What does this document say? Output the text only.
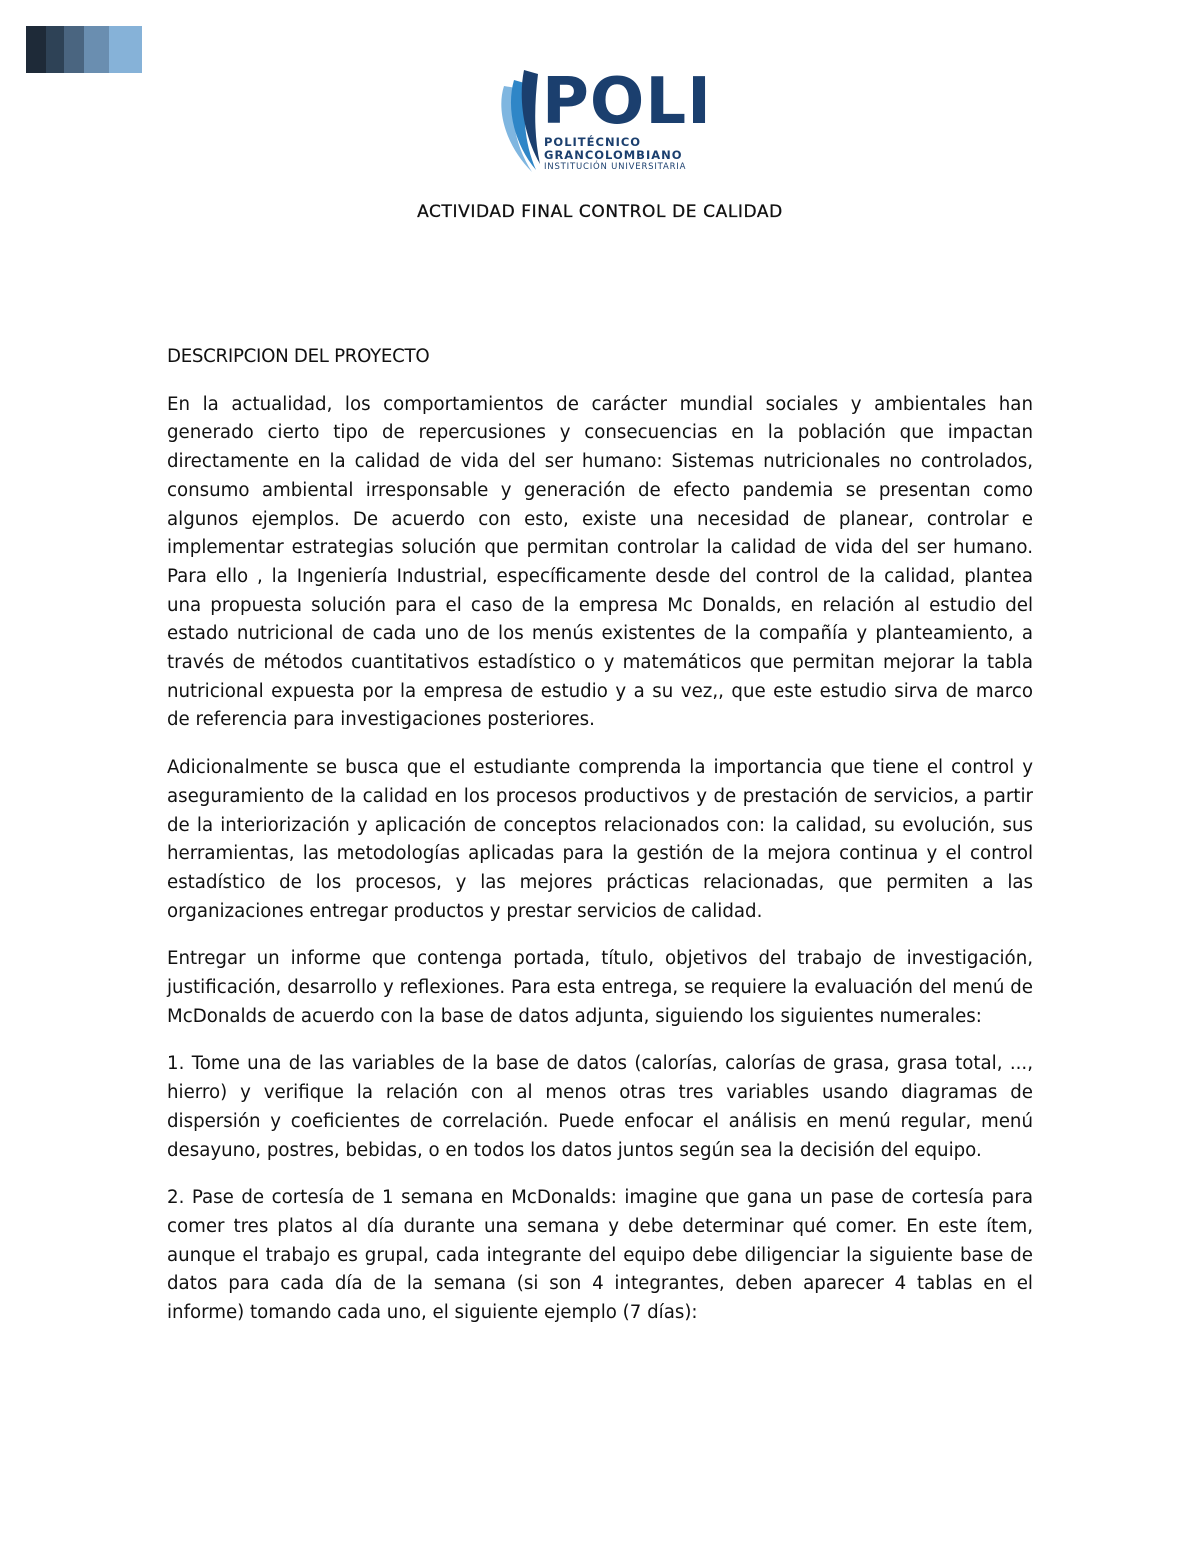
POLI
POLITÉCNICO
GRANCOLOMBIANO
INSTITUCIÓN UNIVERSITARIA
ACTIVIDAD FINAL CONTROL DE CALIDAD
DESCRIPCION DEL PROYECTO

En la actualidad, los comportamientos de carácter mundial sociales y ambientales han generado cierto tipo de repercusiones y consecuencias en la población que impactan directamente en la calidad de vida del ser humano: Sistemas nutricionales no controlados, consumo ambiental irresponsable y generación de efecto pandemia se presentan como algunos ejemplos. De acuerdo con esto, existe una necesidad de planear, controlar e implementar estrategias solución que permitan controlar la calidad de vida del ser humano. Para ello , la Ingeniería Industrial, específicamente desde del control de la calidad, plantea una propuesta solución para el caso de la empresa Mc Donalds, en relación al estudio del estado nutricional de cada uno de los menús existentes de la compañía y planteamiento, a través de métodos cuantitativos estadístico o y matemáticos que permitan mejorar la tabla nutricional expuesta por la empresa de estudio y a su vez,, que este estudio sirva de marco de referencia para investigaciones posteriores.

Adicionalmente se busca que el estudiante comprenda la importancia que tiene el control y aseguramiento de la calidad en los procesos productivos y de prestación de servicios, a partir de la interiorización y aplicación de conceptos relacionados con: la calidad, su evolución, sus herramientas, las metodologías aplicadas para la gestión de la mejora continua y el control estadístico de los procesos, y las mejores prácticas relacionadas, que permiten a las organizaciones entregar productos y prestar servicios de calidad.

Entregar un informe que contenga portada, título, objetivos del trabajo de investigación, justificación, desarrollo y reflexiones. Para esta entrega, se requiere la evaluación del menú de McDonalds de acuerdo con la base de datos adjunta, siguiendo los siguientes numerales:

1. Tome una de las variables de la base de datos (calorías, calorías de grasa, grasa total, ..., hierro) y verifique la relación con al menos otras tres variables usando diagramas de dispersión y coeficientes de correlación. Puede enfocar el análisis en menú regular, menú desayuno, postres, bebidas, o en todos los datos juntos según sea la decisión del equipo.

2. Pase de cortesía de 1 semana en McDonalds: imagine que gana un pase de cortesía para comer tres platos al día durante una semana y debe determinar qué comer. En este ítem, aunque el trabajo es grupal, cada integrante del equipo debe diligenciar la siguiente base de datos para cada día de la semana (si son 4 integrantes, deben aparecer 4 tablas en el informe) tomando cada uno, el siguiente ejemplo (7 días):
